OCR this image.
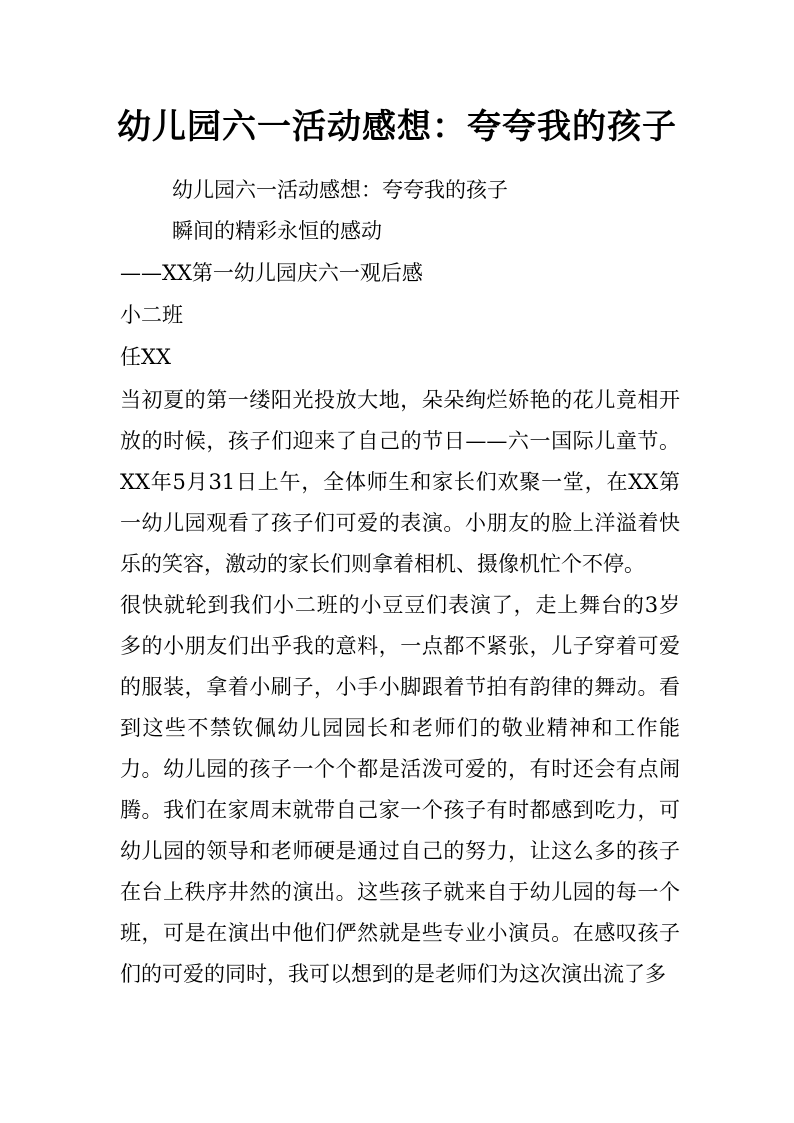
幼儿园六一活动感想：夸夸我的孩子
幼儿园六一活动感想：夸夸我的孩子
瞬间的精彩永恒的感动
——XX第一幼儿园庆六一观后感
小二班
任XX
当初夏的第一缕阳光投放大地，朵朵绚烂娇艳的花儿竟相开
放的时候，孩子们迎来了自己的节日——六一国际儿童节。
XX年5月31日上午，全体师生和家长们欢聚一堂，在XX第
一幼儿园观看了孩子们可爱的表演。小朋友的脸上洋溢着快
乐的笑容，激动的家长们则拿着相机、摄像机忙个不停。
很快就轮到我们小二班的小豆豆们表演了，走上舞台的3岁
多的小朋友们出乎我的意料，一点都不紧张，儿子穿着可爱
的服装，拿着小刷子，小手小脚跟着节拍有韵律的舞动。看
到这些不禁钦佩幼儿园园长和老师们的敬业精神和工作能
力。幼儿园的孩子一个个都是活泼可爱的，有时还会有点闹
腾。我们在家周末就带自己家一个孩子有时都感到吃力，可
幼儿园的领导和老师硬是通过自己的努力，让这么多的孩子
在台上秩序井然的演出。这些孩子就来自于幼儿园的每一个
班，可是在演出中他们俨然就是些专业小演员。在感叹孩子
们的可爱的同时，我可以想到的是老师们为这次演出流了多
